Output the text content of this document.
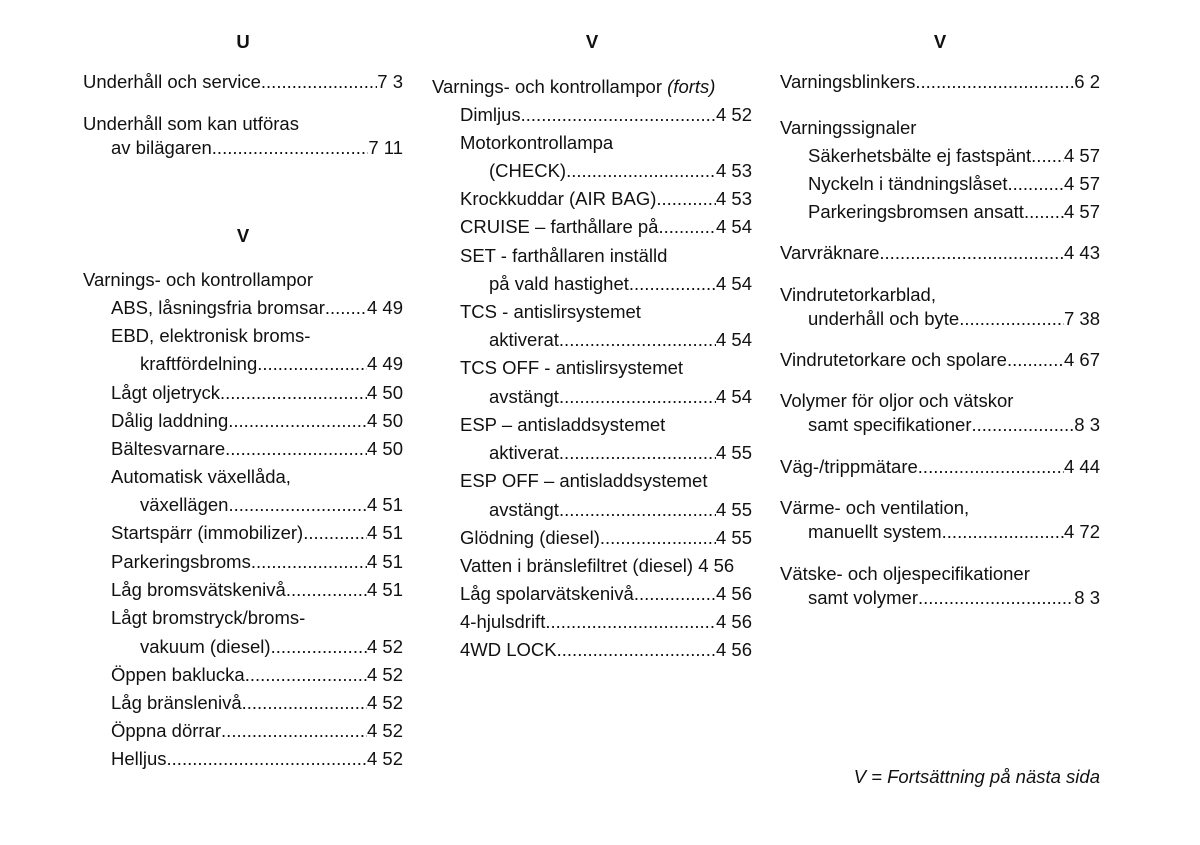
U
Underhåll och service .....	7 3
Underhåll som kan utföras
av bilägaren .....	7 11
V
Varnings- och kontrollampor
ABS, låsningsfria bromsar ..... 4 49
EBD, elektronisk broms-
kraftfördelning .....	4 49
Lågt oljetryck .....	4 50
Dålig laddning .....	4 50
Bältesvarnare .....	4 50
Automatisk växellåda,
växellägen .....	4 51
Startspärr (immobilizer) .....	4 51
Parkeringsbroms .....	4 51
Låg bromsvätskenivå .....	4 51
Lågt bromstryck/broms-
vakuum (diesel) .....	4 52
Öppen baklucka .....	4 52
Låg bränslenivå .....	4 52
Öppna dörrar .....	4 52
Helljus .....	4 52
V
Varnings- och kontrollampor (forts)
Dimljus .....	4 52
Motorkontrollampa
(CHECK) .....	4 53
Krockkuddar (AIR BAG) .....	4 53
CRUISE – farthållare på .....	4 54
SET - farthållaren inställd
på vald hastighet .....	4 54
TCS - antislirsystemet
aktiverat .....	4 54
TCS OFF - antislirsystemet
avstängt .....	4 54
ESP – antisladdsystemet
aktiverat .....	4 55
ESP OFF – antisladdsystemet
avstängt .....	4 55
Glödning (diesel) .....	4 55
Vatten i bränslefiltret (diesel)
4 56
Låg spolarvätskenivå .....	4 56
4-hjulsdrift .....	4 56
4WD LOCK .....	4 56
V
Varningsblinkers .....	6 2
Varningssignaler
Säkerhetsbälte ej fastspänt ..... 4 57
Nyckeln i tändningslåset .....	4 57
Parkeringsbromsen ansatt ..... 4 57
Varvräknare .....	4 43
Vindrutetorkarblad,
underhåll och byte .....	7 38
Vindrutetorkare och spolare .....	4 67
Volymer för oljor och vätskor
samt specifikationer .....	8 3
Väg-/trippmätare .....	4 44
Värme- och ventilation,
manuellt system .....	4 72
Vätske- och oljespecifikationer
samt volymer .....	8 3
V = Fortsättning på nästa sida
